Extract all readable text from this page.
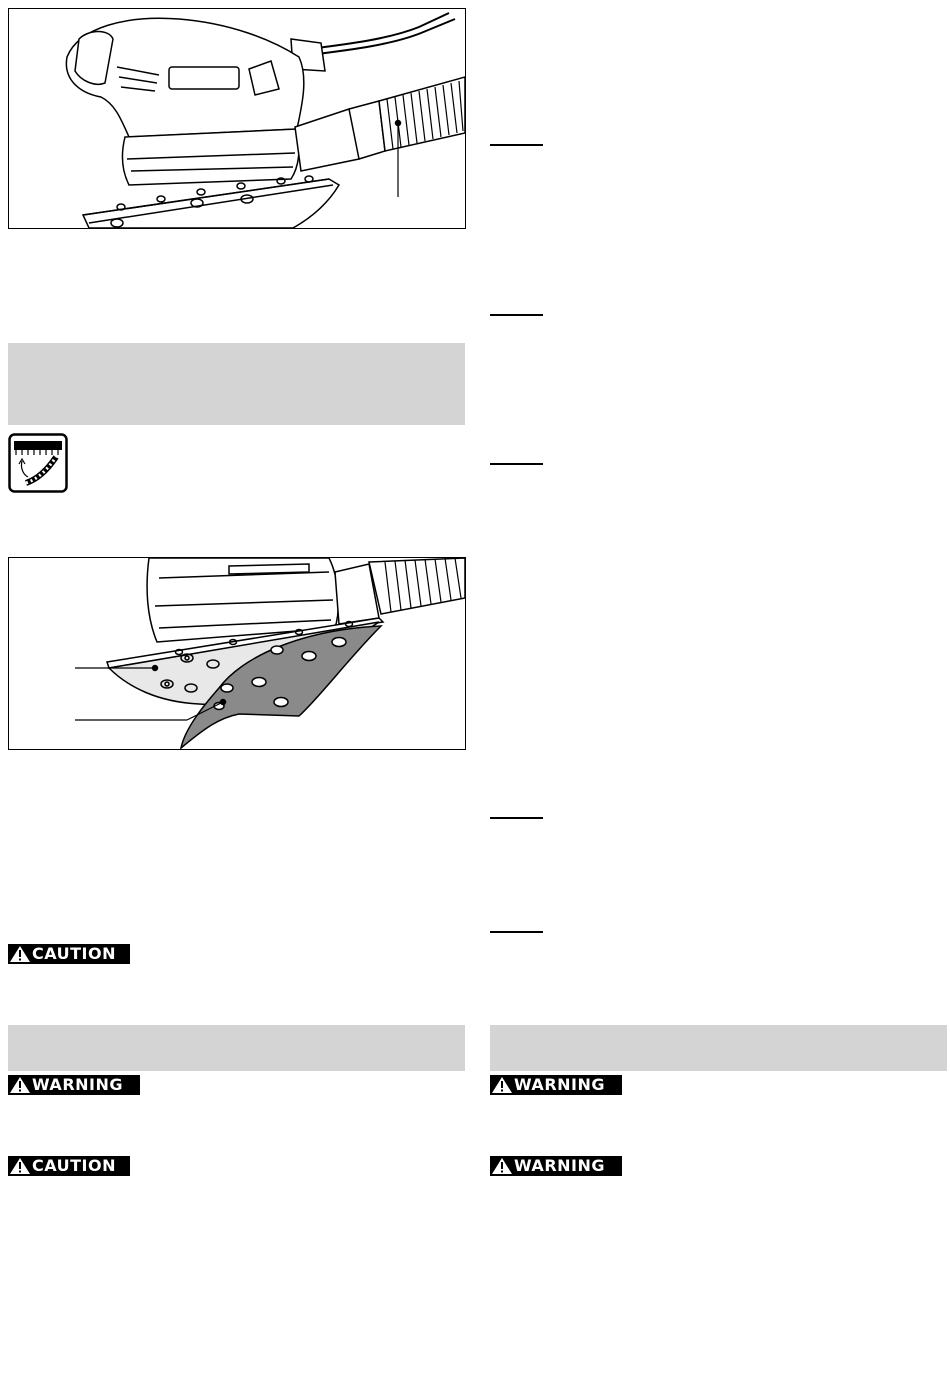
CAUTION
WARNING
CAUTION
WARNING
WARNING
